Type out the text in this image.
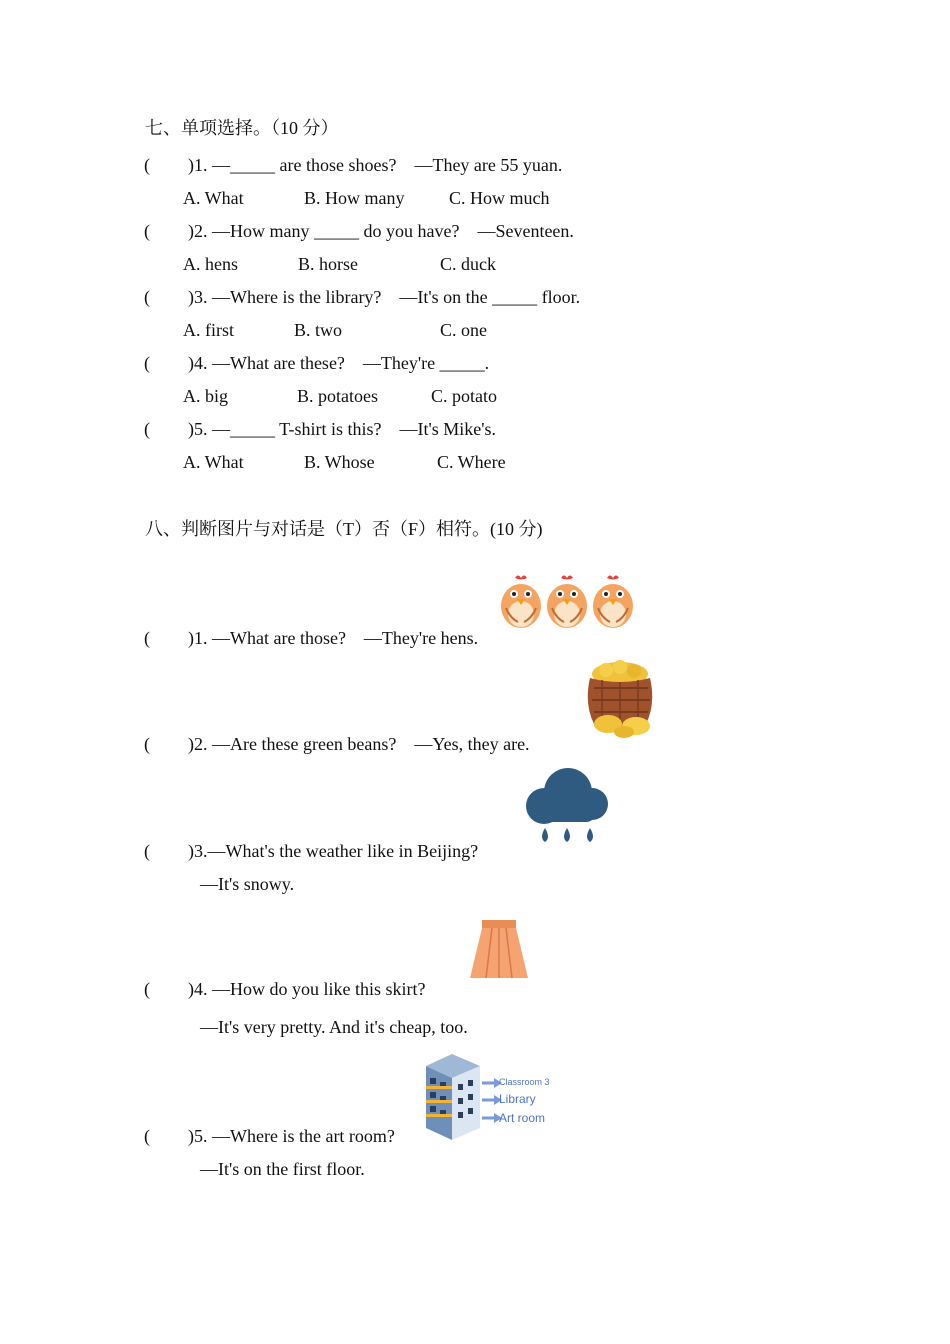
七、单项选择。（10 分）
( )1. —_____ are those shoes?　—They are 55 yuan.
A. What	B. How many C. How much
( )2. —How many _____ do you have?　—Seventeen.
A. hens	B. horse	C. duck
( )3. —Where is the library?　—It's on the _____ floor.
A. first	B. two	C. one
( )4. —What are these?　—They're _____.
A. big	B. potatoes	C. potato
( )5. —_____ T-shirt is this?　—It's Mike's.
A. What	B. Whose	C. Where
八、判断图片与对话是（T）否（F）相符。(10 分)
( )1. —What are those?　—They're hens.
( )2. —Are these green beans?　—Yes, they are.
( )3.—What's the weather like in Beijing?
—It's snowy.
( )4. —How do you like this skirt?
—It's very pretty. And it's cheap, too.
Classroom 3
Library
Art room
( )5. —Where is the art room?
—It's on the first floor.
